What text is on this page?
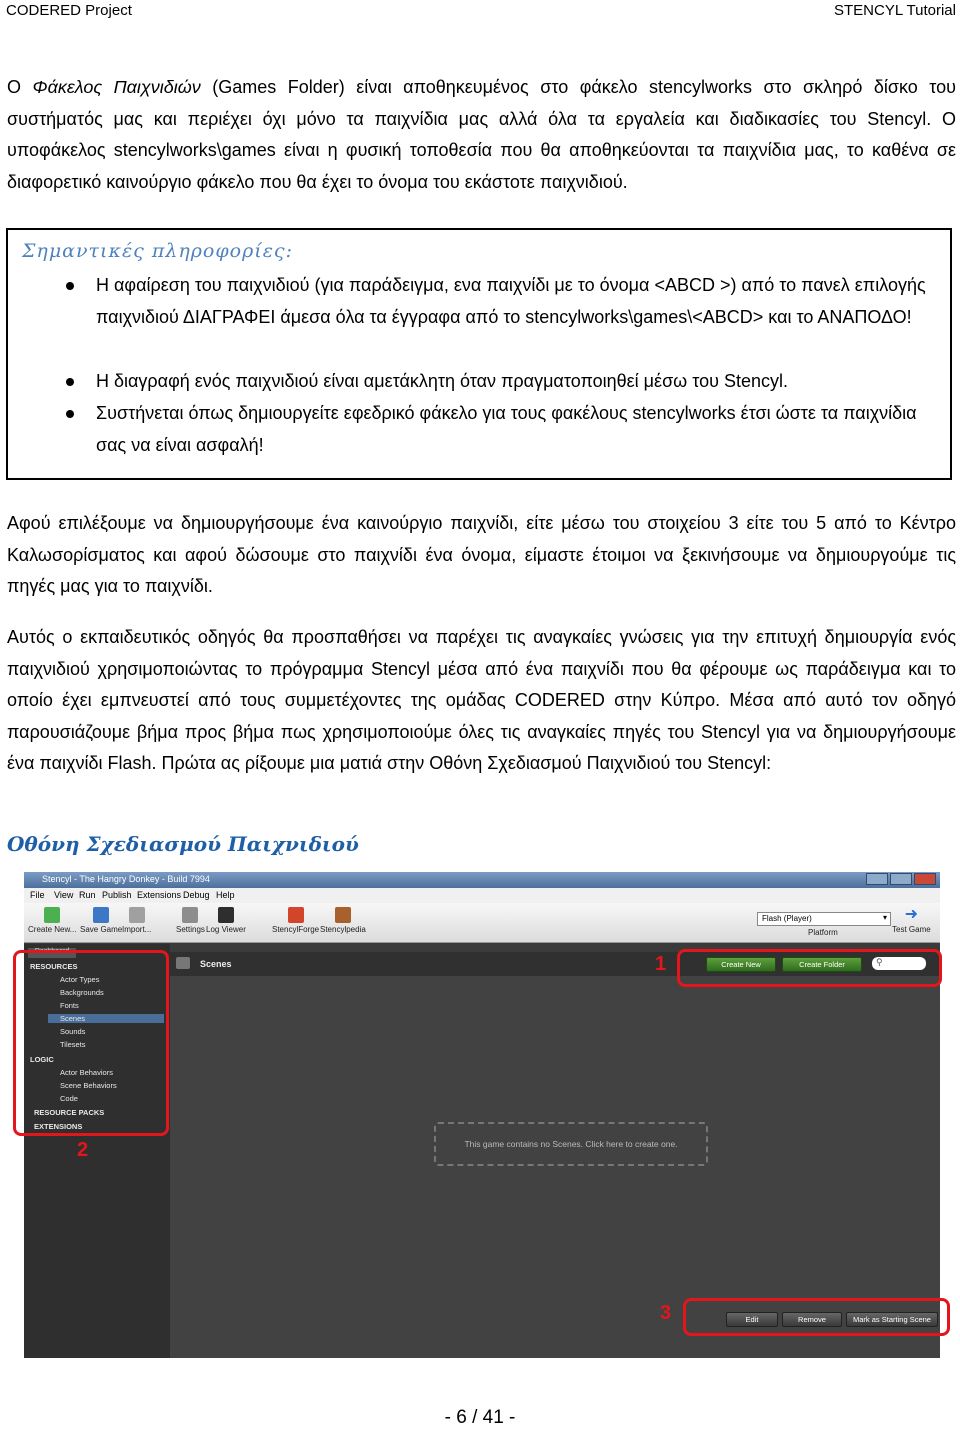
CODERED Project	STENCYL Tutorial

Ο Φάκελος Παιχνιδιών (Games Folder) είναι αποθηκευμένος στο φάκελο stencylworks στο σκληρό δίσκο του συστήματός μας και περιέχει όχι μόνο τα παιχνίδια μας αλλά όλα τα εργαλεία και διαδικασίες του Stencyl. Ο υποφάκελος stencylworks\games είναι η φυσική τοποθεσία που θα αποθηκεύονται τα παιχνίδια μας, το καθένα σε διαφορετικό καινούργιο φάκελο που θα έχει το όνομα του εκάστοτε παιχνιδιού.

Σημαντικές πληροφορίες:
Η αφαίρεση του παιχνιδιού (για παράδειγμα, ενα παιχνίδι με το όνομα <ABCD >) από το πανελ επιλογής παιχνιδιού ΔΙΑΓΡΑΦΕΙ άμεσα όλα τα έγγραφα από το stencylworks\games\<ABCD> και το ΑΝΑΠΟΔΟ!
Η διαγραφή ενός παιχνιδιού είναι αμετάκλητη όταν πραγματοποιηθεί μέσω του Stencyl.
Συστήνεται όπως δημιουργείτε εφεδρικό φάκελο για τους φακέλους stencylworks έτσι ώστε τα παιχνίδια σας να είναι ασφαλή!

Αφού επιλέξουμε να δημιουργήσουμε ένα καινούργιο παιχνίδι, είτε μέσω του στοιχείου 3 είτε του 5 από το Κέντρο Καλωσορίσματος και αφού δώσουμε στο παιχνίδι ένα όνομα, είμαστε έτοιμοι να ξεκινήσουμε να δημιουργούμε τις πηγές μας για το παιχνίδι.

Αυτός ο εκπαιδευτικός οδηγός θα προσπαθήσει να παρέχει τις αναγκαίες γνώσεις για την επιτυχή δημιουργία ενός παιχνιδιού χρησιμοποιώντας το πρόγραμμα Stencyl μέσα από ένα παιχνίδι που θα φέρουμε ως παράδειγμα και το οποίο έχει εμπνευστεί από τους συμμετέχοντες της ομάδας CODERED στην Κύπρο. Μέσα από αυτό τον οδηγό παρουσιάζουμε βήμα προς βήμα πως χρησιμοποιούμε όλες τις αναγκαίες πηγές του Stencyl για να δημιουργήσουμε ένα παιχνίδι Flash. Πρώτα ας ρίξουμε μια ματιά στην Οθόνη Σχεδιασμού Παιχνιδιού του Stencyl:

Οθόνη Σχεδιασμού Παιχνιδιού
Stencyl - The Hangry Donkey - Build 7994
File View Run Publish Extensions Debug Help
Create New... Save Game Import...	Settings Log Viewer	StencylForge Stencylpedia
Flash (Player)	▾
Platform
➜
Test Game
Dashboard
RESOURCES
Actor Types
Backgrounds
Fonts
Scenes
Sounds
Tilesets
LOGIC
Actor Behaviors
Scene Behaviors
Code
RESOURCE PACKS
EXTENSIONS
Scenes	Create New	Create Folder	⚲
This game contains no Scenes. Click here to create one.
Edit	Remove	Mark as Starting Scene
1
2
3
- 6 / 41 -
